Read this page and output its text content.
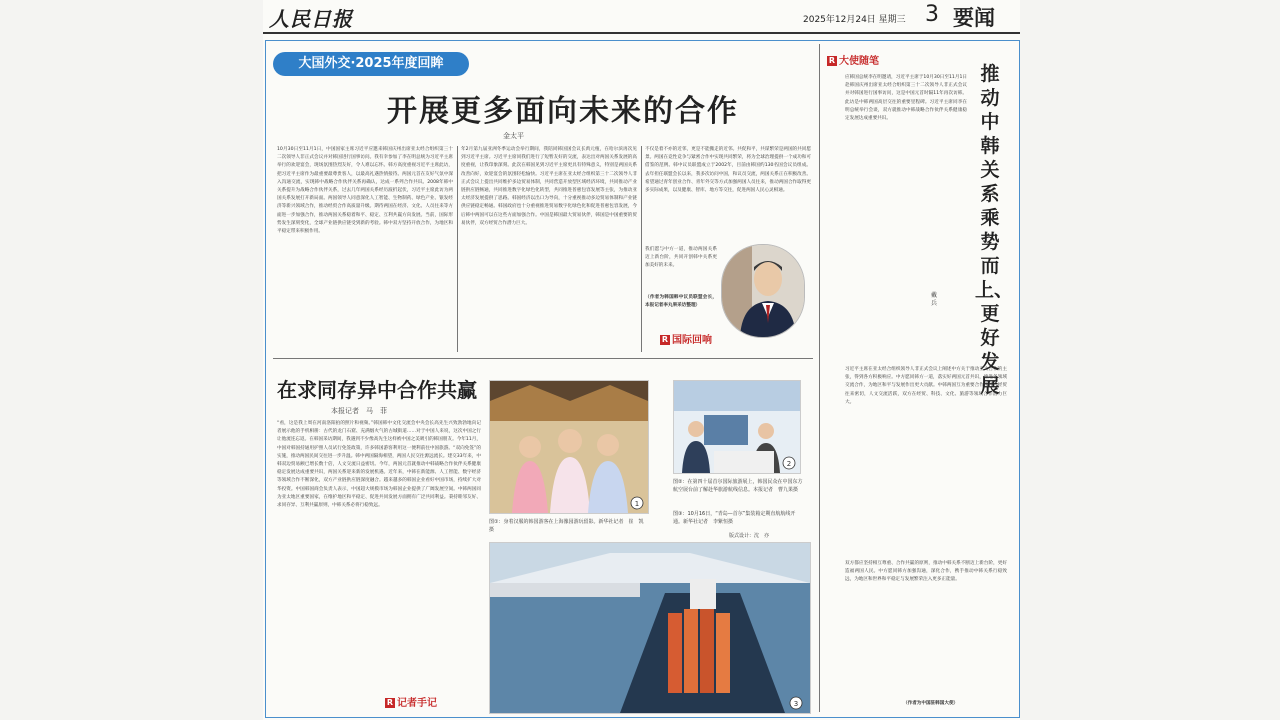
人民日报	2025年12月24日 星期三 3 要闻
大国外交·2025年度回眸
开展更多面向未来的合作
金太平
10月30日至11月1日，中国国家主席习近平应邀来韩国庆州出席亚太经合组织第三十二次领导人非正式会议并对韩国进行国事访问。我有幸参加了李在明总统为习近平主席举行的欢迎宴会，现场氛围热烈友好，令人难以忘怀。韩方高度重视习近平主席此访，把习近平主席作为最重要最尊贵客人，以最高礼遇热情接待。两国元首在友好气氛中深入沟通交流，实现韩中战略合作伙伴关系再确认，达成一系列合作共识。2008年韩中关系提升为战略合作伙伴关系，过去几年两国关系经历波折起伏，习近平主席此访为两国关系发展打开新局面。两国领导人同意深化人工智能、生物制药、绿色产业、银发经济等新兴领域合作，推动经贸合作高质量升级。期待两国在经济、文化、人员往来等方面进一步加强合作，推动两国关系稳着和平、稳定、互利共赢方向发展。当前，国际形势发生深刻变化，全球产业链供应链受到新的考验。韩中双方坚持开放合作，为地区和平稳定带来积极作用。
年2月第九届亚洲冬季运动会举行期间，我陪同韩国国会议长禹元植，在哈尔滨再次见到习近平主席。习近平主席同我们进行了短暂友好的交流，表达出对两国关系发展的高度重视，让我印象深刻。此次在韩国见到习近平主席更具有特殊意义，特别是两国关系改善向好，欢迎宴会的氛围轻松愉快。习近平主席在亚太经合组织第三十二次领导人非正式会议上提出共同维护多边贸易体制，共同营造开放型区域经济环境，共同推动产业链供应链畅通，共同推进数字化绿色化转型，共同推进普惠包容发展等主张，为推动亚太经济发展提供了思路。韩国经济以出口为导向，十分重视推动多边贸易体制和产业链供应链稳定畅通。韩国政府也十分重视推进贸易数字化绿色化和促进普惠包容发展，今后韩中两国可以在这些方面加强合作。中国是韩国最大贸易伙伴，韩国是中国重要的贸易伙伴，双方经贸合作潜力巨大。
不仅是着不亦的近邻，更是不能搬走的近邻。共促和平，共谋繁荣是两国的共同愿景。两国在竞性竞争与紧密合作中实现共同繁荣，将为全球治理提供一个成功和可借鉴的范例。韩中议员联盟成立于2002年，目前由韩国约130名国会议员组成。去年担任联盟会长以来，我多次访问中国，和议员交流，两国关系正在积极改善。希望通过青年创业合作、青年外交等方式加强两国人员往来，推动两国合作取得更多实际成果，以及健康、智库、地方等交往，促进两国人民心灵相通。
我们愿与中方一道，推动两国关系迈上新台阶，共同开创韩中关系更加美好的未来。
（作者为韩国韩中议员联盟会长，本报记者李丸果采访整理）
R 国际回响
在求同存异中合作共赢
本报记者　马　菲
“看，这是我上周在河南洛阳拍的照片和视频。”韩国韩中文化交流会中央会长高先生兴致勃勃地向记者展示他的手机相册：古代的龙门石窟、充满烟火气的古城街道……对于中国人来说，这次中国之行让他流连忘返。在韩国采访期间，我遇到不少像高先生这样被中国之美吸引的韩国朋友。今年11月，中国对韩国持通用护照人员试行免签政策，许多韩国游客利用这一便利前往中国旅游。“双向免签”的实施，推动两国民间交往进一步升温。韩中两国隔海相望，两国人民交往源远流长。建交33年来，中韩双边贸易额已增长数十倍，人文交流日益密切。今年，两国元首就推动中韩战略合作伙伴关系健康稳定发展达成重要共识，两国关系迎来新的发展机遇。近年来，中韩在新能源、人工智能、数字经济等领域合作不断深化，双方产业链供应链深度融合。越来越多的韩国企业看好中国市场，持续扩大对华投资。中国韩国商会负责人表示，中国超大规模市场为韩国企业提供了广阔发展空间。中韩两国同为亚太地区重要国家，在维护地区和平稳定、促进共同发展方面拥有广泛共同利益。秉持睦邻友好、求同存异、互利共赢原则，中韩关系必将行稳致远。
R 记者手记
1
2
图②：在第四十届首尔国际旅游展上，韩国民众在中国东方航空展台前了解赴华旅游航线信息。本报记者　曹九果摄
图③：10月16日，“青岛—首尔”集装箱定期直航航线开通。新华社记者　李紫恒摄
图①：身着汉服的韩国游客在上海豫园游玩留影。新华社记者　崔　凯摄
版式设计：沈　亦
3
R 大使随笔
应韩国总统李在明邀请，习近平主席于10月30日至11月1日赴韩国庆州出席亚太经合组织第三十二次领导人非正式会议并对韩国进行国事访问，这是中国元首时隔11年再次访韩。此访是中韩两国高层交往的重要里程碑。习近平主席同李在明总统举行会谈，双方就推动中韩战略合作伙伴关系健康稳定发展达成重要共识。
推动中韩关系乘势而上、更好发展
戴　兵
习近平主席在亚太经合组织领导人非正式会议上阐述中方关于推动亚太合作的主张，得到各方积极响应。中方愿同韩方一道，落实好两国元首共识，推进各领域交流合作，为地区和平与发展作出更大贡献。中韩两国互为重要合作伙伴，经贸往来密切，人文交流活跃，双方在经贸、科技、文化、旅游等领域合作潜力巨大。
双方都应坚持相互尊重、合作共赢的原则，推动中韩关系不断迈上新台阶，更好造福两国人民。中方愿同韩方加强沟通，深化合作，携手推动中韩关系行稳致远，为地区和世界和平稳定与发展繁荣注入更多正能量。
（作者为中国驻韩国大使）
